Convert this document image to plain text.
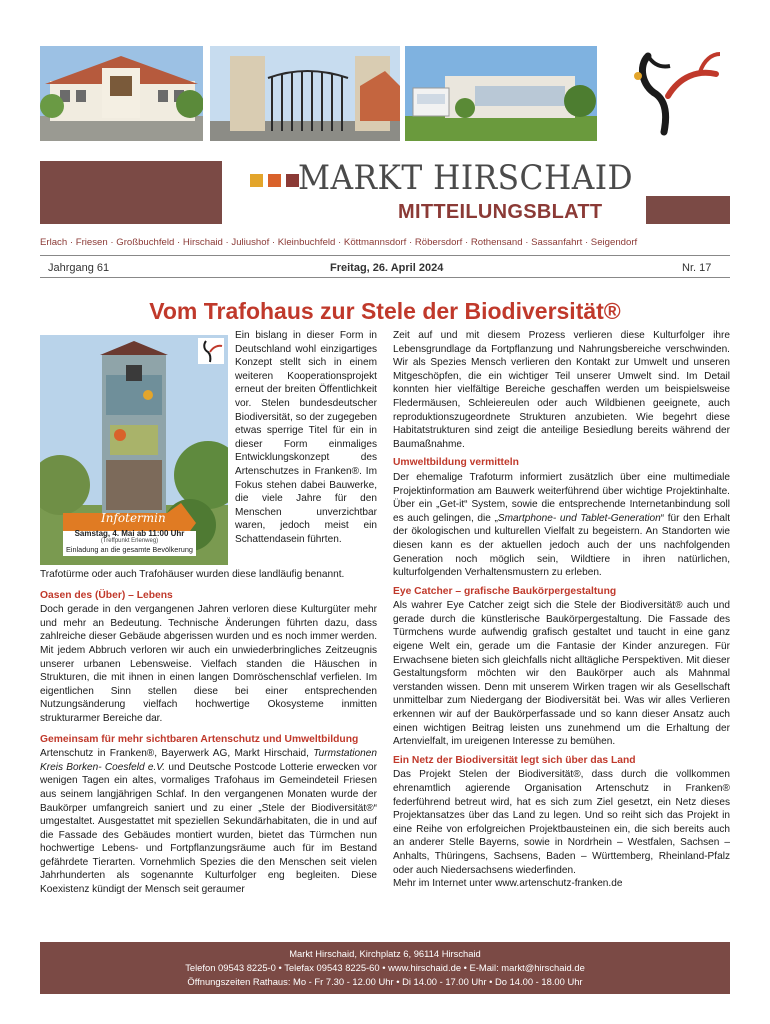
MARKT HIRSCHAID
MITTEILUNGSBLATT
Erlach · Friesen · Großbuchfeld · Hirschaid · Juliushof · Kleinbuchfeld · Köttmannsdorf · Röbersdorf · Rothensand · Sassanfahrt · Seigendorf
Jahrgang 61	Freitag, 26. April 2024	Nr. 17
Vom Trafohaus zur Stele der Biodiversität®
Infotermin
Samstag, 4. Mai ab 11:00 Uhr
(Treffpunkt Erlenweg)
Einladung an die gesamte Bevölkerung

Ein bislang in dieser Form in Deutschland wohl einzigartiges Konzept stellt sich in einem weiteren Kooperationsprojekt erneut der breiten Öffentlichkeit vor. Stelen bundesdeutscher Biodiversität, so der zugegeben etwas sperrige Titel für ein in dieser Form einmaliges Entwicklungskonzept des Artenschutzes in Franken®. Im Fokus stehen dabei Bauwerke, die viele Jahre für den Menschen unverzichtbar waren, jedoch meist ein Schattendasein führten.

Trafotürme oder auch Trafohäuser wurden diese landläufig benannt.

Oasen des (Über) – Lebens

Doch gerade in den vergangenen Jahren verloren diese Kulturgüter mehr und mehr an Bedeutung. Technische Änderungen führten dazu, dass zahlreiche dieser Gebäude abgerissen wurden und es noch immer werden. Mit jedem Abbruch verloren wir auch ein unwiederbringliches Zeitzeugnis unserer urbanen Lebensweise. Vielfach standen die Häuschen in Strukturen, die mit ihnen in einen langen Domröschenschlaf verfielen. Im eigentlichen Sinn stellen diese bei einer entsprechenden Nutzungsänderung vielfach hochwertige Okosysteme inmitten strukturarmer Bereiche dar.

Gemeinsam für mehr sichtbaren Artenschutz und Umweltbildung

Artenschutz in Franken®, Bayerwerk AG, Markt Hirschaid, Turmstationen Kreis Borken- Coesfeld e.V. und Deutsche Postcode Lotterie erwecken vor wenigen Tagen ein altes, vormaliges Trafohaus im Gemeindeteil Friesen aus seinem langjährigen Schlaf. In den vergangenen Monaten wurde der Baukörper umfangreich saniert und zu einer „Stele der Biodiversität®“ umgestaltet. Ausgestattet mit speziellen Sekundärhabitaten, die in und auf die Fassade des Gebäudes montiert wurden, bietet das Türmchen nun hochwertige Lebens- und Fortpflanzungsräume auch für im Bestand gefährdete Tierarten. Vornehmlich Spezies die den Menschen seit vielen Jahrhunderten als sogenannte Kulturfolger eng begleiten. Diese Koexistenz kündigt der Mensch seit geraumer

Zeit auf und mit diesem Prozess verlieren diese Kulturfolger ihre Lebensgrundlage da Fortpflanzung und Nahrungsbereiche verschwinden. Wir als Spezies Mensch verlieren den Kontakt zur Umwelt und unseren Mitgeschöpfen, die ein wichtiger Teil unserer Umwelt sind. Im Detail konnten hier vielfältige Bereiche geschaffen werden um beispielsweise Fledermäusen, Schleiereulen oder auch Wildbienen geeignete, auch reproduktionszugeordnete Strukturen anzubieten. Wie begehrt diese Habitatstrukturen sind zeigt die anteilige Besiedlung bereits während der Baumaßnahme.

Umweltbildung vermitteln

Der ehemalige Trafoturm informiert zusätzlich über eine multimediale Projektinformation am Bauwerk weiterführend über wichtige Projektinhalte. Über ein „Get-it“ System, sowie die entsprechende Internetanbindung soll es auch gelingen, die „Smartphone- und Tablet-Generation“ für den Erhalt der ökologischen und kulturellen Vielfalt zu begeistern. An Standorten wie diesen kann es der aktuellen jedoch auch der uns nachfolgenden Generation noch möglich sein, Wildtiere in ihren natürlichen, kulturfolgenden Verhaltensmustern zu erleben.

Eye Catcher – grafische Baukörpergestaltung

Als wahrer Eye Catcher zeigt sich die Stele der Biodiversität® auch und gerade durch die künstlerische Baukörpergestaltung. Die Fassade des Türmchens wurde aufwendig grafisch gestaltet und taucht in eine ganz eigene Welt ein, gerade um die Fantasie der Kinder anzuregen. Für Erwachsene bieten sich gleichfalls nicht alltägliche Perspektiven. Mit dieser Gestaltungsform möchten wir den Baukörper auch als Mahnmal verstanden wissen. Denn mit unserem Wirken tragen wir als Gesellschaft unmittelbar zum Niedergang der Biodiversität bei. Was wir alles Verlieren erkennen wir auf der Baukörperfassade und so kann dieser Ansatz auch einen wichtigen Beitrag leisten uns zunehmend um die Erhaltung der Artenvielfalt, im ureigenen Interesse zu bemühen.

Ein Netz der Biodiversität legt sich über das Land

Das Projekt Stelen der Biodiversität®, dass durch die vollkommen ehrenamtlich agierende Organisation Artenschutz in Franken® federführend betreut wird, hat es sich zum Ziel gesetzt, ein Netz dieses Projektansatzes über das Land zu legen. Und so reiht sich das Projekt in eine Reihe von erfolgreichen Projektbausteinen ein, die sich bereits auch an anderer Stelle Bayerns, sowie in Nordrhein – Westfalen, Sachsen – Anhalts, Thüringens, Sachsens, Baden – Württemberg, Rheinland-Pfalz oder auch Niedersachsens wiederfinden.

Mehr im Internet unter www.artenschutz-franken.de

Markt Hirschaid, Kirchplatz 6, 96114 Hirschaid
Telefon 09543 8225-0 • Telefax 09543 8225-60 • www.hirschaid.de • E-Mail: markt@hirschaid.de
Öffnungszeiten Rathaus: Mo - Fr 7.30 - 12.00 Uhr • Di 14.00 - 17.00 Uhr • Do 14.00 - 18.00 Uhr
